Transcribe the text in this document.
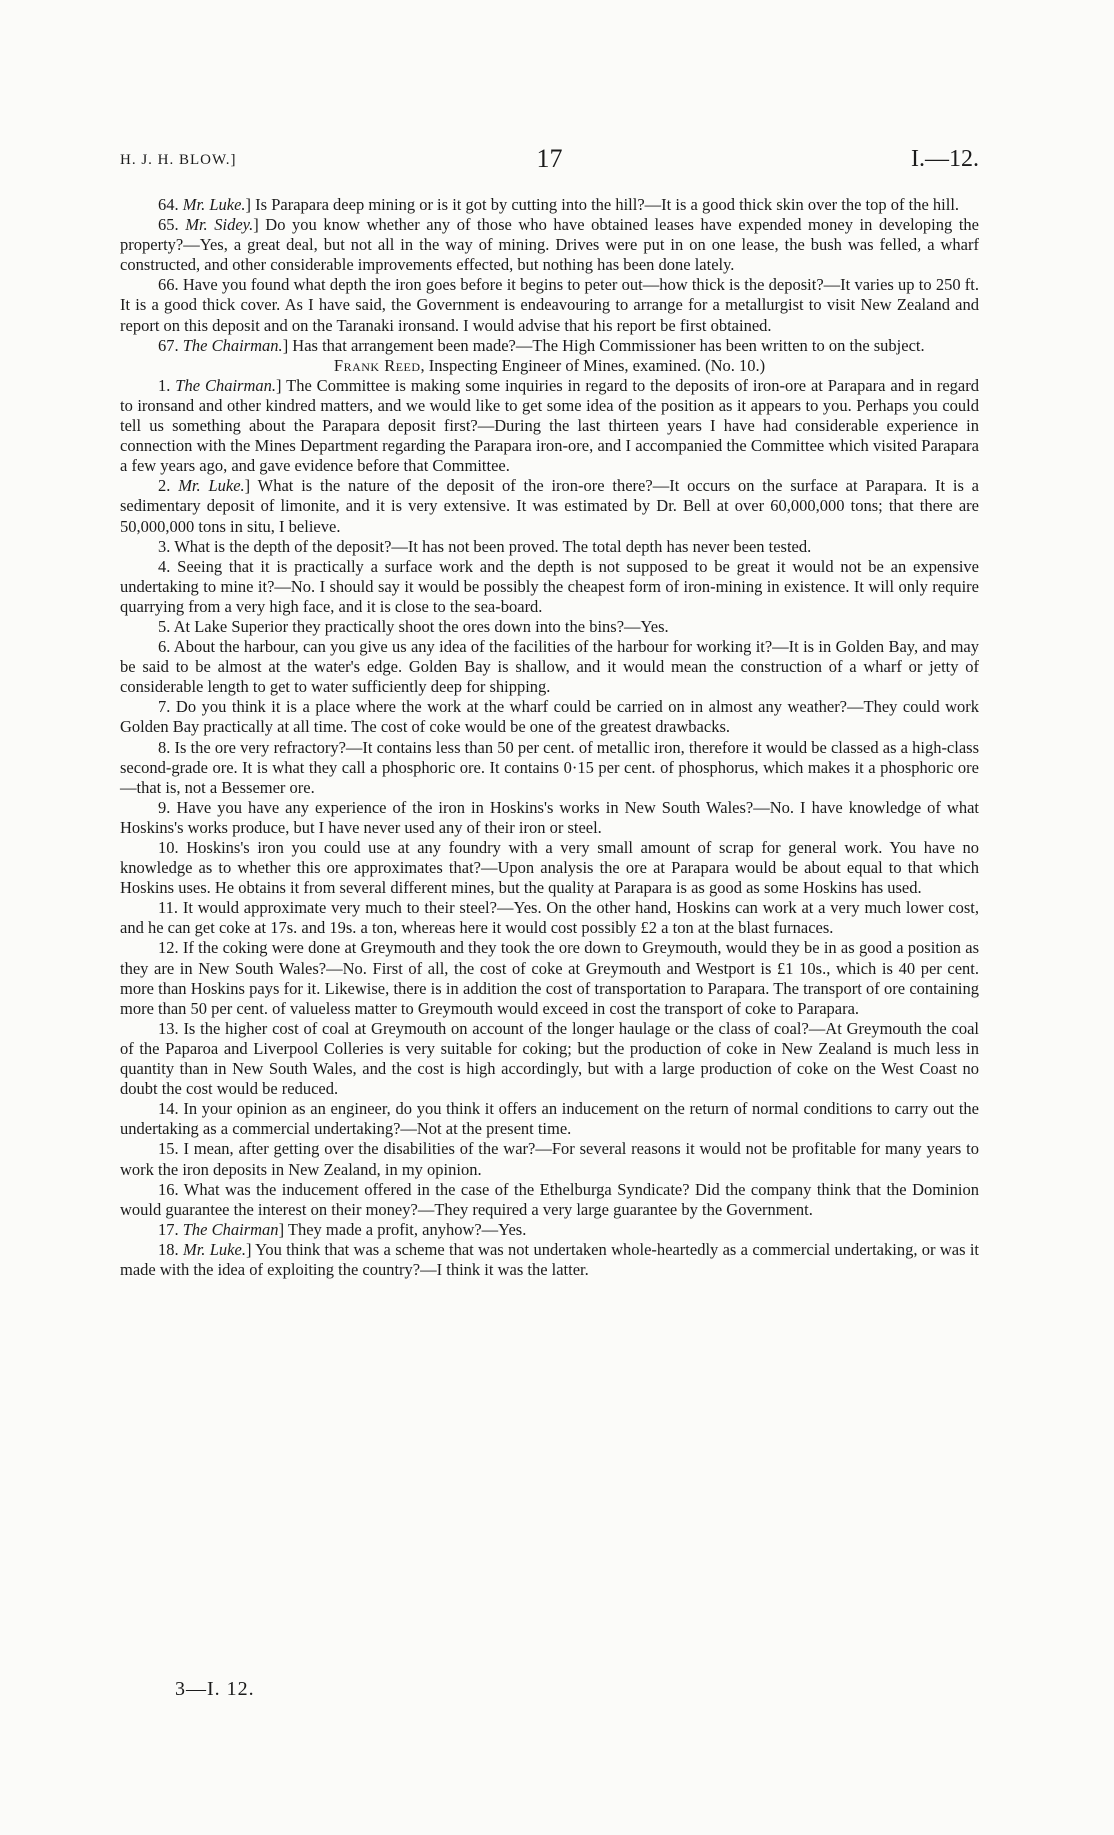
H. J. H. BLOW.]	17	I.—12.

64. Mr. Luke.] Is Parapara deep mining or is it got by cutting into the hill?—It is a good thick skin over the top of the hill.

65. Mr. Sidey.] Do you know whether any of those who have obtained leases have expended money in developing the property?—Yes, a great deal, but not all in the way of mining. Drives were put in on one lease, the bush was felled, a wharf constructed, and other considerable improvements effected, but nothing has been done lately.

66. Have you found what depth the iron goes before it begins to peter out—how thick is the deposit?—It varies up to 250 ft. It is a good thick cover. As I have said, the Government is endeavouring to arrange for a metallurgist to visit New Zealand and report on this deposit and on the Taranaki ironsand. I would advise that his report be first obtained.

67. The Chairman.] Has that arrangement been made?—The High Commissioner has been written to on the subject.

Frank Reed, Inspecting Engineer of Mines, examined. (No. 10.)

1. The Chairman.] The Committee is making some inquiries in regard to the deposits of iron-ore at Parapara and in regard to ironsand and other kindred matters, and we would like to get some idea of the position as it appears to you. Perhaps you could tell us something about the Parapara deposit first?—During the last thirteen years I have had considerable experience in connection with the Mines Department regarding the Parapara iron-ore, and I accompanied the Committee which visited Parapara a few years ago, and gave evidence before that Committee.

2. Mr. Luke.] What is the nature of the deposit of the iron-ore there?—It occurs on the surface at Parapara. It is a sedimentary deposit of limonite, and it is very extensive. It was estimated by Dr. Bell at over 60,000,000 tons; that there are 50,000,000 tons in situ, I believe.

3. What is the depth of the deposit?—It has not been proved. The total depth has never been tested.

4. Seeing that it is practically a surface work and the depth is not supposed to be great it would not be an expensive undertaking to mine it?—No. I should say it would be possibly the cheapest form of iron-mining in existence. It will only require quarrying from a very high face, and it is close to the sea-board.

5. At Lake Superior they practically shoot the ores down into the bins?—Yes.

6. About the harbour, can you give us any idea of the facilities of the harbour for working it?—It is in Golden Bay, and may be said to be almost at the water's edge. Golden Bay is shallow, and it would mean the construction of a wharf or jetty of considerable length to get to water sufficiently deep for shipping.

7. Do you think it is a place where the work at the wharf could be carried on in almost any weather?—They could work Golden Bay practically at all time. The cost of coke would be one of the greatest drawbacks.

8. Is the ore very refractory?—It contains less than 50 per cent. of metallic iron, therefore it would be classed as a high-class second-grade ore. It is what they call a phosphoric ore. It contains 0·15 per cent. of phosphorus, which makes it a phosphoric ore—that is, not a Bessemer ore.

9. Have you have any experience of the iron in Hoskins's works in New South Wales?—No. I have knowledge of what Hoskins's works produce, but I have never used any of their iron or steel.

10. Hoskins's iron you could use at any foundry with a very small amount of scrap for general work. You have no knowledge as to whether this ore approximates that?—Upon analysis the ore at Parapara would be about equal to that which Hoskins uses. He obtains it from several different mines, but the quality at Parapara is as good as some Hoskins has used.

11. It would approximate very much to their steel?—Yes. On the other hand, Hoskins can work at a very much lower cost, and he can get coke at 17s. and 19s. a ton, whereas here it would cost possibly £2 a ton at the blast furnaces.

12. If the coking were done at Greymouth and they took the ore down to Greymouth, would they be in as good a position as they are in New South Wales?—No. First of all, the cost of coke at Greymouth and Westport is £1 10s., which is 40 per cent. more than Hoskins pays for it. Likewise, there is in addition the cost of transportation to Parapara. The transport of ore containing more than 50 per cent. of valueless matter to Greymouth would exceed in cost the transport of coke to Parapara.

13. Is the higher cost of coal at Greymouth on account of the longer haulage or the class of coal?—At Greymouth the coal of the Paparoa and Liverpool Colleries is very suitable for coking; but the production of coke in New Zealand is much less in quantity than in New South Wales, and the cost is high accordingly, but with a large production of coke on the West Coast no doubt the cost would be reduced.

14. In your opinion as an engineer, do you think it offers an inducement on the return of normal conditions to carry out the undertaking as a commercial undertaking?—Not at the present time.

15. I mean, after getting over the disabilities of the war?—For several reasons it would not be profitable for many years to work the iron deposits in New Zealand, in my opinion.

16. What was the inducement offered in the case of the Ethelburga Syndicate? Did the company think that the Dominion would guarantee the interest on their money?—They required a very large guarantee by the Government.

17. The Chairman] They made a profit, anyhow?—Yes.

18. Mr. Luke.] You think that was a scheme that was not undertaken whole-heartedly as a commercial undertaking, or was it made with the idea of exploiting the country?—I think it was the latter.

3—I. 12.
